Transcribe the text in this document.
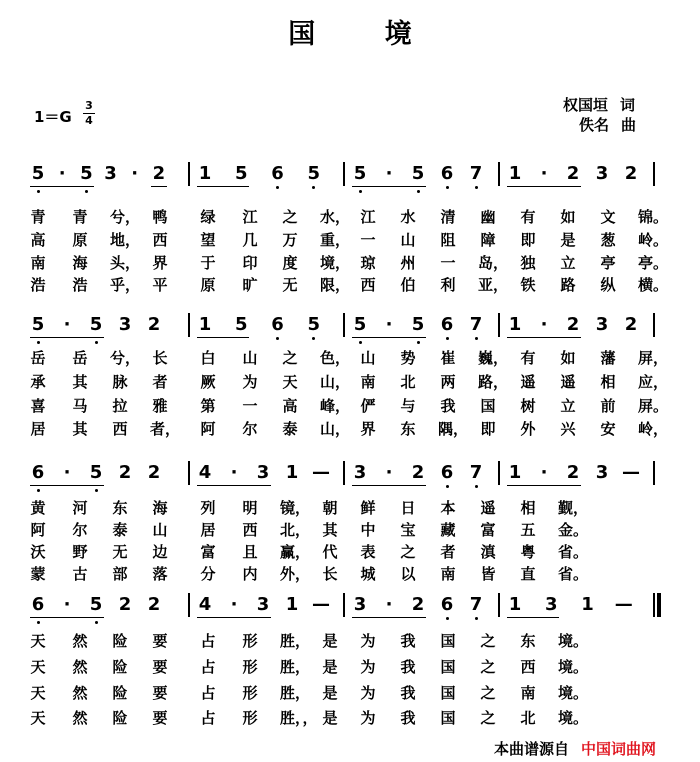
国 境
1＝G
3
4
权国垣 词
佚名 曲
5 · 5 3 · 2 1 5 6 5 5	·	5 6 7 1	·	2 3 2
青 青 兮， 鸭 绿 江 之 水， 江 水 清 幽 有 如 文 锦。
高 原 地， 西 望 几 万 重， 一 山 阻 障 即 是 葱 岭。
南 海 头， 界 于 印 度 境， 琼 州 一 岛， 独 立 亭 亭。
浩 浩 乎， 平 原 旷 无 限， 西 伯 利 亚， 铁 路 纵 横。
5	·	5 3 2 1 5 6 5 5	·	5 6 7 1	·	2 3 2
岳 岳 兮， 长 白 山 之 色， 山 势 崔 巍， 有 如 藩 屏，
承 其 脉 者 厥 为 天 山， 南 北 两 路， 遥 遥 相 应，
喜 马 拉 雅 第 一 高 峰， 俨 与 我 国 树 立 前 屏。
居 其 西 者， 阿 尔 泰 山， 界 东 隅， 即 外 兴 安 岭，
6	·	5 2 2 4	·	3 1 — 3	·	2 6 7 1	·	2 3 —
黄 河 东 海 列 明 镜， 朝 鲜 日 本 遥 相 觐，
阿 尔 泰 山 居 西 北， 其 中 宝 藏 富 五 金。
沃 野 无 边 富 且 赢， 代 表 之 者 滇 粤 省。
蒙 古 部 落 分 内 外， 长 城 以 南 皆 直 省。
6	·	5 2 2 4	·	3 1 — 3	·	2 6 7 1 3 1 —
天 然 险 要 占 形 胜， 是 为 我 国 之 东 境。
天 然 险 要 占 形 胜， 是 为 我 国 之 西 境。
天 然 险 要 占 形 胜， 是 为 我 国 之 南 境。
天 然 险 要 占 形 胜，， 是 为 我 国 之 北 境。
本曲谱源自 中国词曲网
